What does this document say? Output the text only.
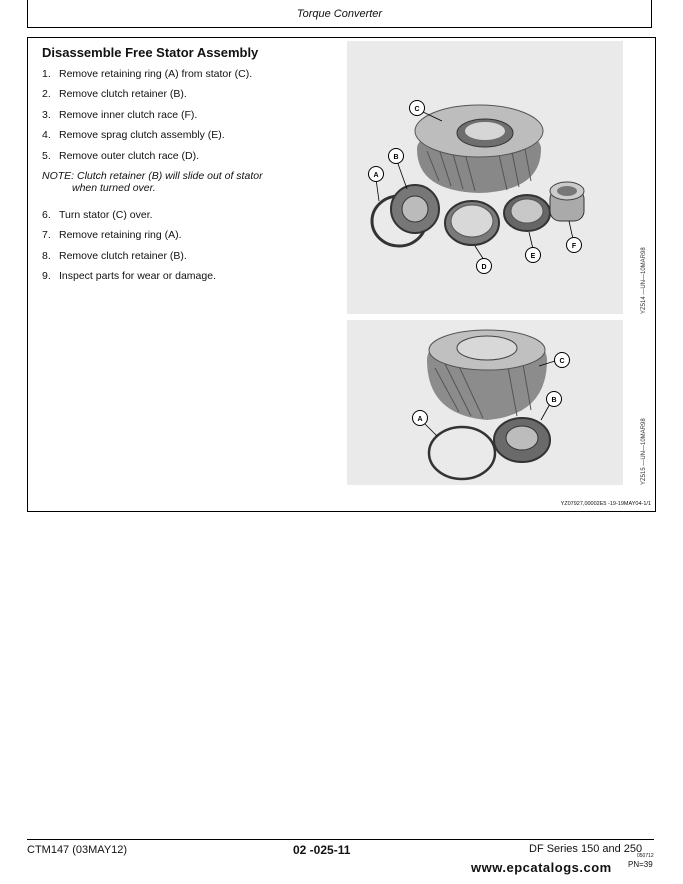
Torque Converter
Disassemble Free Stator Assembly
1. Remove retaining ring (A) from stator (C).
2. Remove clutch retainer (B).
3. Remove inner clutch race (F).
4. Remove sprag clutch assembly (E).
5. Remove outer clutch race (D).
NOTE: Clutch retainer (B) will slide out of stator
when turned over.
6. Turn stator (C) over.
7. Remove retaining ring (A).
8. Remove clutch retainer (B).
9. Inspect parts for wear or damage.
C
B
A
D
E
F
YZ514 —UN—10MAR98
C
B
A	YZ515 —UN—10MAR98
YZ07927,00002E5 -19-19MAY04-1/1
CTM147 (03MAY12)	02 -025-11	DF Series 150 and 250
050712
PN=39
www.epcatalogs.com
